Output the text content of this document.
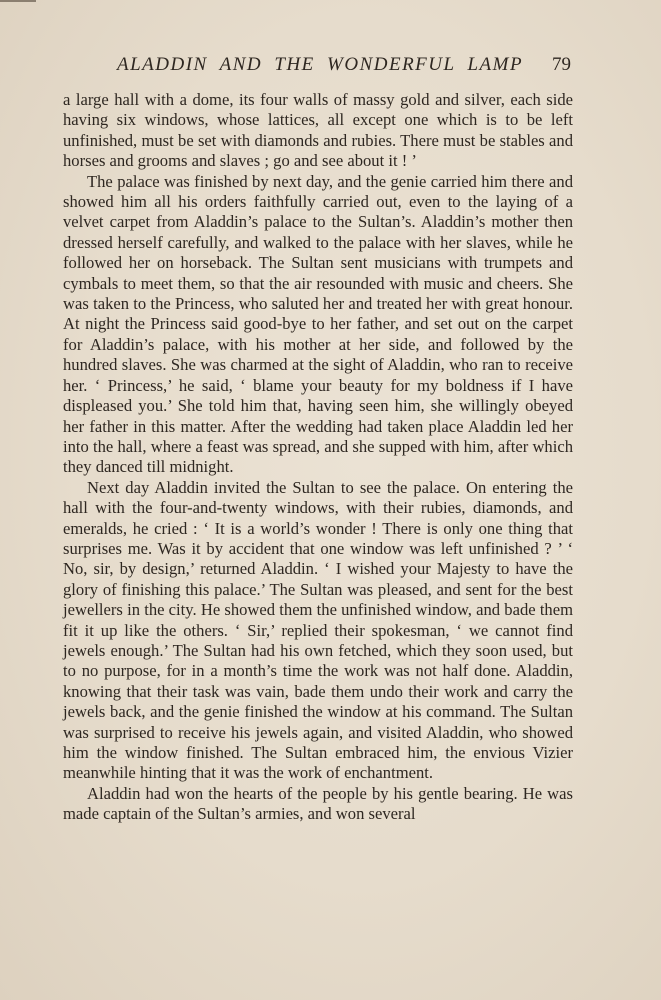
ALADDIN AND THE WONDERFUL LAMP 79

a large hall with a dome, its four walls of massy gold and silver, each side having six windows, whose lattices, all except one which is to be left unfinished, must be set with diamonds and rubies. There must be stables and horses and grooms and slaves ; go and see about it ! ’

The palace was finished by next day, and the genie carried him there and showed him all his orders faithfully carried out, even to the laying of a velvet carpet from Aladdin’s palace to the Sultan’s. Aladdin’s mother then dressed herself carefully, and walked to the palace with her slaves, while he followed her on horseback. The Sultan sent musicians with trumpets and cymbals to meet them, so that the air resounded with music and cheers. She was taken to the Princess, who saluted her and treated her with great honour. At night the Princess said good-bye to her father, and set out on the carpet for Aladdin’s palace, with his mother at her side, and followed by the hundred slaves. She was charmed at the sight of Aladdin, who ran to receive her. ‘ Princess,’ he said, ‘ blame your beauty for my boldness if I have displeased you.’ She told him that, having seen him, she willingly obeyed her father in this matter. After the wedding had taken place Aladdin led her into the hall, where a feast was spread, and she supped with him, after which they danced till midnight.

Next day Aladdin invited the Sultan to see the palace. On entering the hall with the four-and-twenty windows, with their rubies, diamonds, and emeralds, he cried : ‘ It is a world’s wonder ! There is only one thing that surprises me. Was it by accident that one window was left unfinished ? ’ ‘ No, sir, by design,’ returned Aladdin. ‘ I wished your Majesty to have the glory of finishing this palace.’ The Sultan was pleased, and sent for the best jewellers in the city. He showed them the unfinished window, and bade them fit it up like the others. ‘ Sir,’ replied their spokesman, ‘ we cannot find jewels enough.’ The Sultan had his own fetched, which they soon used, but to no purpose, for in a month’s time the work was not half done. Aladdin, knowing that their task was vain, bade them undo their work and carry the jewels back, and the genie finished the window at his command. The Sultan was surprised to receive his jewels again, and visited Aladdin, who showed him the window finished. The Sultan embraced him, the envious Vizier meanwhile hinting that it was the work of enchantment.

Aladdin had won the hearts of the people by his gentle bearing. He was made captain of the Sultan’s armies, and won several
